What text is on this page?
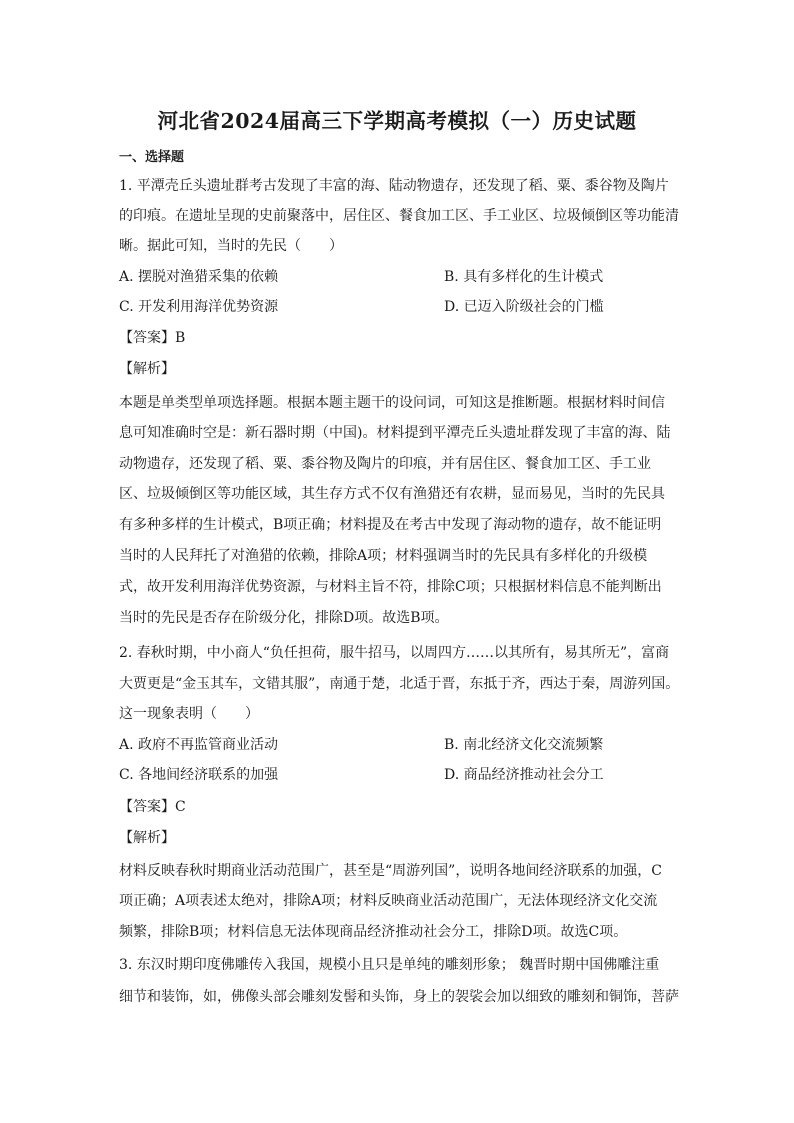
河北省2024届高三下学期高考模拟（一）历史试题
一、选择题
1. 平潭壳丘头遗址群考古发现了丰富的海、陆动物遗存，还发现了稻、粟、黍谷物及陶片
的印痕。在遗址呈现的史前聚落中，居住区、餐食加工区、手工业区、垃圾倾倒区等功能清
晰。据此可知，当时的先民（　　）
A. 摆脱对渔猎采集的依赖	B. 具有多样化的生计模式
C. 开发利用海洋优势资源	D. 已迈入阶级社会的门槛
【答案】B
【解析】
本题是单类型单项选择题。根据本题主题干的设问词，可知这是推断题。根据材料时间信
息可知准确时空是：新石器时期（中国)。材料提到平潭壳丘头遗址群发现了丰富的海、陆
动物遗存，还发现了稻、粟、黍谷物及陶片的印痕，并有居住区、餐食加工区、手工业
区、垃圾倾倒区等功能区域，其生存方式不仅有渔猎还有农耕，显而易见，当时的先民具
有多种多样的生计模式，B项正确；材料提及在考古中发现了海动物的遗存，故不能证明
当时的人民拜托了对渔猎的依赖，排除A项；材料强调当时的先民具有多样化的升级模
式，故开发利用海洋优势资源，与材料主旨不符，排除C项；只根据材料信息不能判断出
当时的先民是否存在阶级分化，排除D项。故选B项。
2. 春秋时期，中小商人“负任担荷，服牛招马，以周四方……以其所有，易其所无”，富商
大贾更是“金玉其车，文错其服”，南通于楚，北适于晋，东抵于齐，西达于秦，周游列国。
这一现象表明（　　）
A. 政府不再监管商业活动	B. 南北经济文化交流频繁
C. 各地间经济联系的加强	D. 商品经济推动社会分工
【答案】C
【解析】
材料反映春秋时期商业活动范围广，甚至是“周游列国”，说明各地间经济联系的加强，C
项正确；A项表述太绝对，排除A项；材料反映商业活动范围广，无法体现经济文化交流
频繁，排除B项；材料信息无法体现商品经济推动社会分工，排除D项。故选C项。
3. 东汉时期印度佛雕传入我国，规模小且只是单纯的雕刻形象； 魏晋时期中国佛雕注重
细节和装饰，如，佛像头部会雕刻发髻和头饰，身上的袈裟会加以细致的雕刻和铜饰，菩萨
